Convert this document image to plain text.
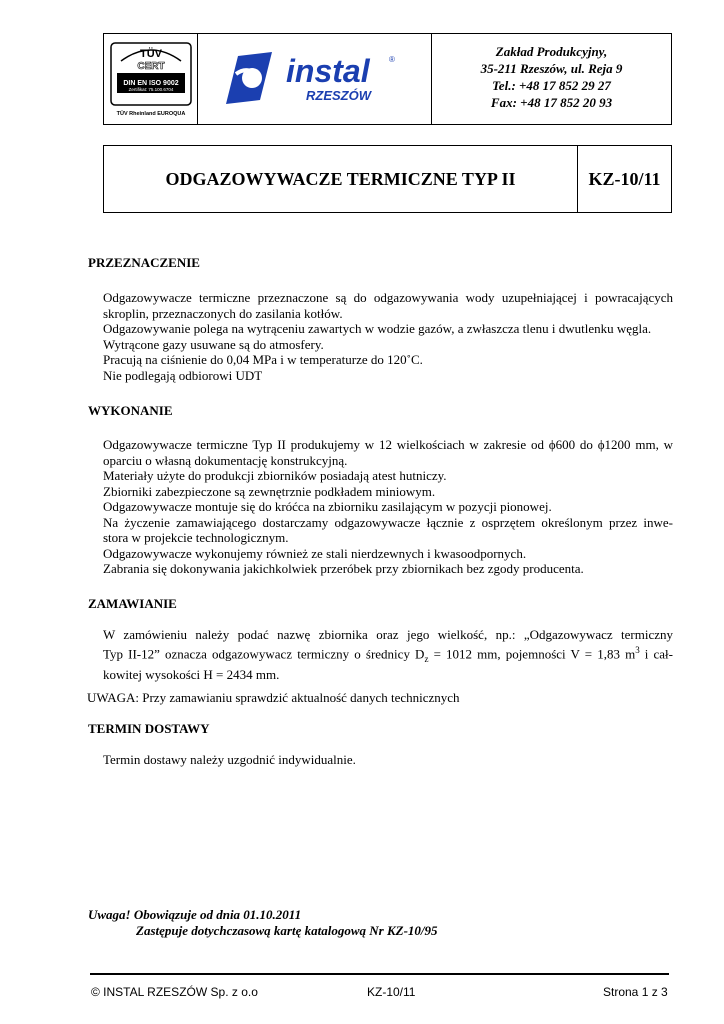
TÜV
CERT
DIN EN ISO 9002
Zertifikat: 75.100.6704
TÜV Rheinland EUROQUA
instal ®
RZESZÓW
Zakład Produkcyjny,
35-211 Rzeszów, ul. Reja 9
Tel.: +48 17 852 29 27
Fax: +48 17 852 20 93
ODGAZOWYWACZE TERMICZNE TYP II	KZ-10/11
PRZEZNACZENIE
Odgazowywacze termiczne przeznaczone są do odgazowywania wody uzupełniającej i powracających
skroplin, przeznaczonych do zasilania kotłów.
Odgazowywanie polega na wytrąceniu zawartych w wodzie gazów, a zwłaszcza tlenu i dwutlenku węgla.
Wytrącone gazy usuwane są do atmosfery.
Pracują na ciśnienie do 0,04 MPa i w temperaturze do 120˚C.
Nie podlegają odbiorowi UDT
WYKONANIE
Odgazowywacze termiczne Typ II produkujemy w 12 wielkościach w zakresie od ϕ600 do ϕ1200 mm, w
oparciu o własną dokumentację konstrukcyjną.
Materiały użyte do produkcji zbiorników posiadają atest hutniczy.
Zbiorniki zabezpieczone są zewnętrznie podkładem miniowym.
Odgazowywacze montuje się do króćca na zbiorniku zasilającym w pozycji pionowej.
Na życzenie zamawiającego dostarczamy odgazowywacze łącznie z osprzętem określonym przez inwe-
stora w projekcie technologicznym.
Odgazowywacze wykonujemy również ze stali nierdzewnych i kwasoodpornych.
Zabrania się dokonywania jakichkolwiek przeróbek przy zbiornikach bez zgody producenta.
ZAMAWIANIE
W zamówieniu należy podać nazwę zbiornika oraz jego wielkość, np.: „Odgazowywacz termiczny
Typ II-12” oznacza odgazowywacz termiczny o średnicy $D_z = 1012$ mm, pojemności V = 1,83 $m^3$ i cał-
kowitej wysokości H = 2434 mm.
UWAGA: Przy zamawianiu sprawdzić aktualność danych technicznych
TERMIN DOSTAWY
Termin dostawy należy uzgodnić indywidualnie.
Uwaga! Obowiązuje od dnia 01.10.2011
Zastępuje dotychczasową kartę katalogową Nr KZ-10/95
© INSTAL RZESZÓW Sp. z o.o	KZ-10/11	Strona 1 z 3
